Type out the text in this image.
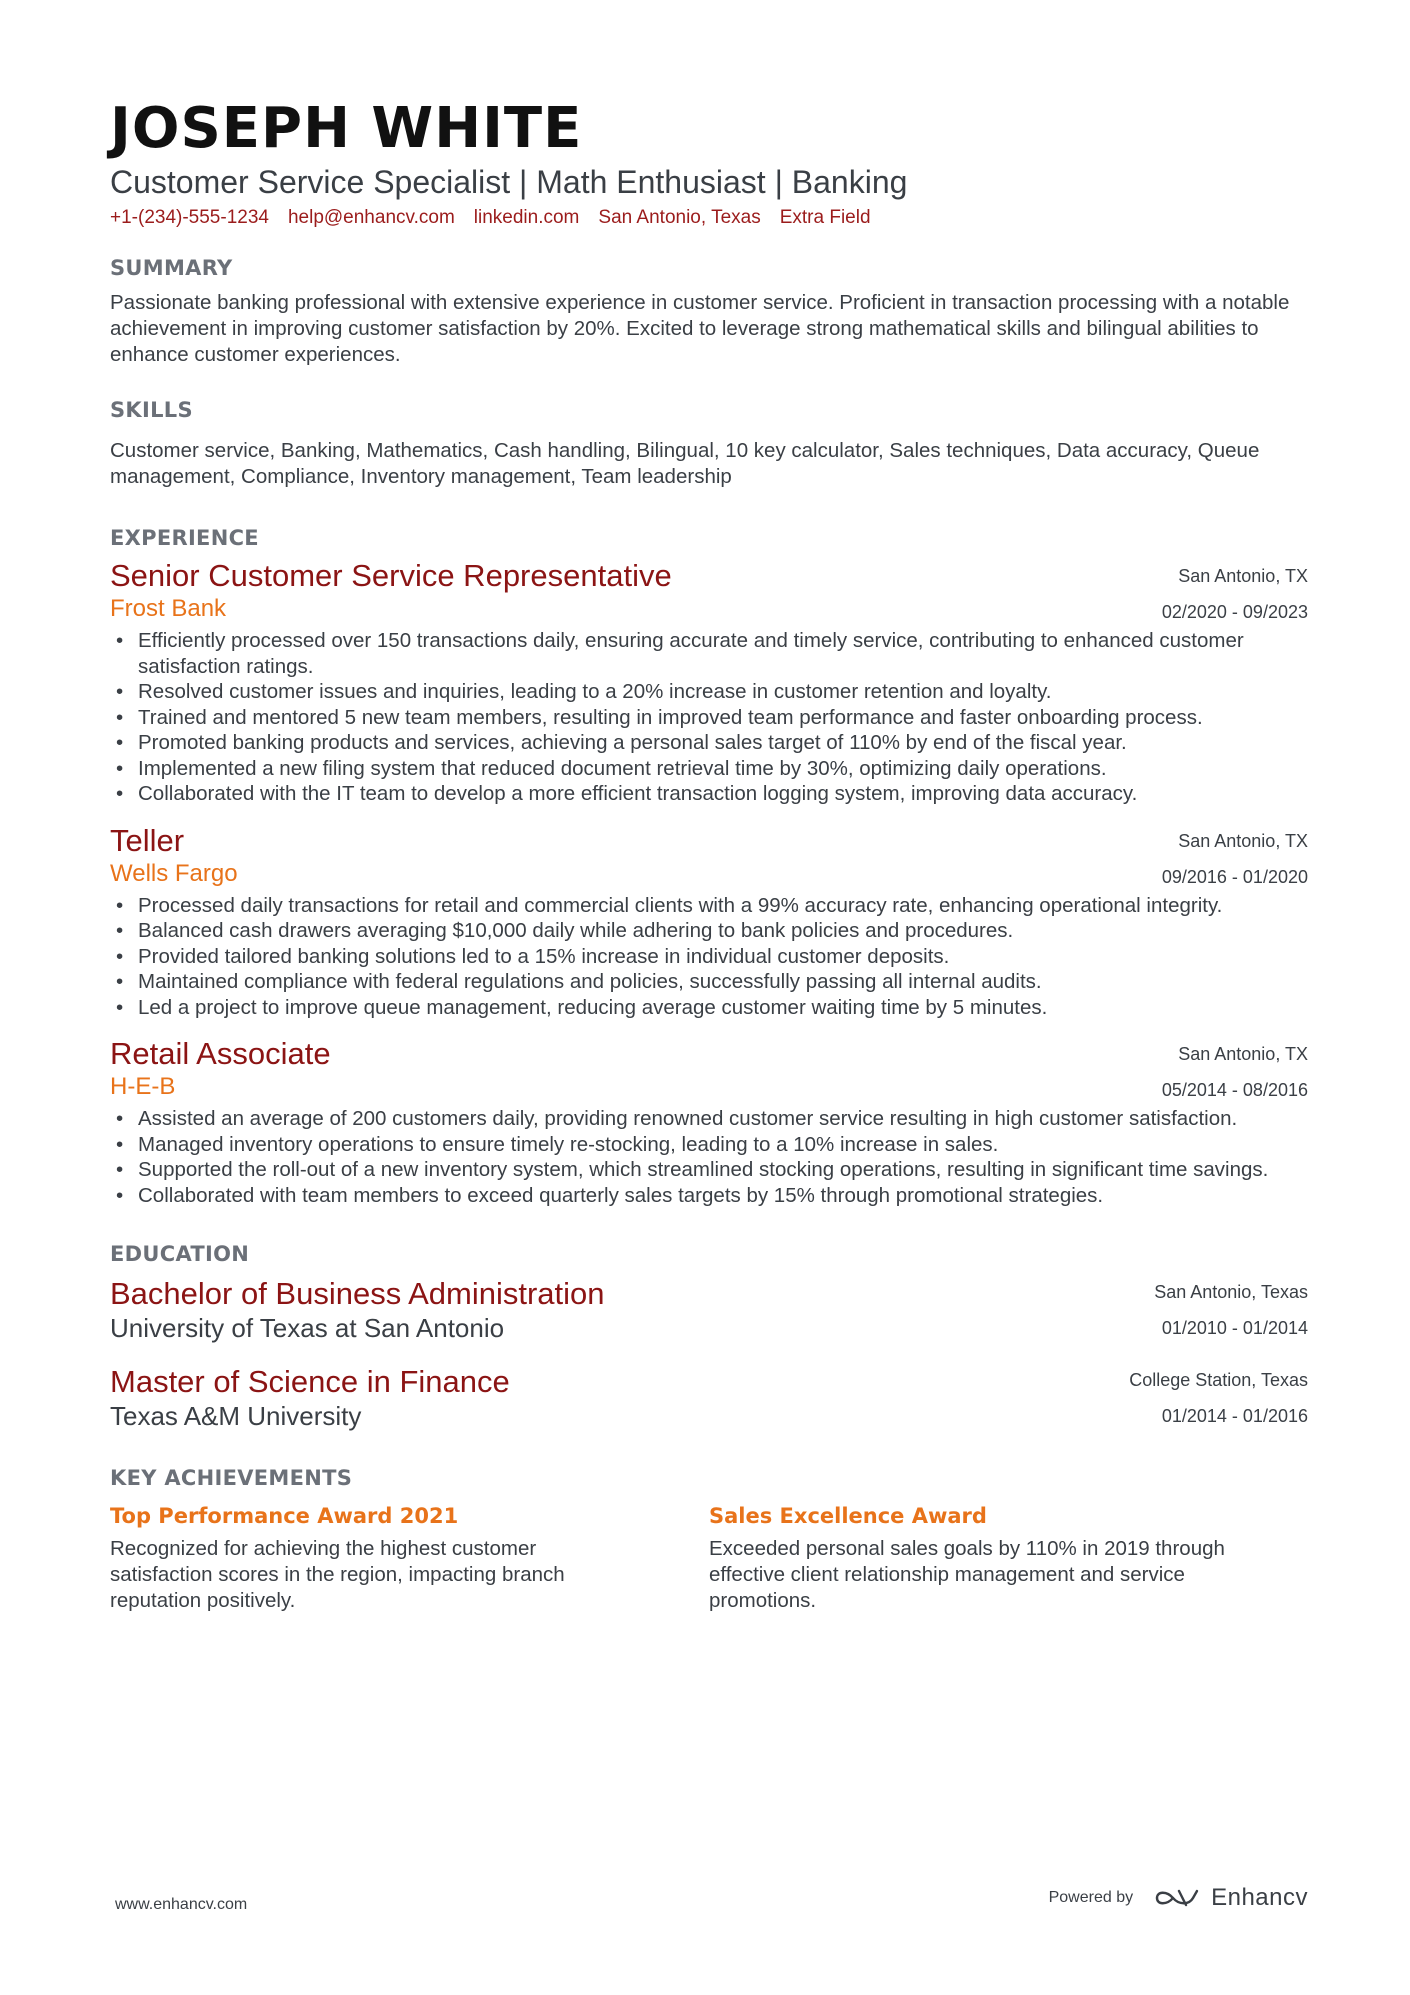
JOSEPH WHITE
Customer Service Specialist | Math Enthusiast | Banking
+1-(234)-555-1234 help@enhancv.com linkedin.com San Antonio, Texas Extra Field
SUMMARY

Passionate banking professional with extensive experience in customer service. Proficient in transaction processing with a notable achievement in improving customer satisfaction by 20%. Excited to leverage strong mathematical skills and bilingual abilities to enhance customer experiences.

SKILLS

Customer service, Banking, Mathematics, Cash handling, Bilingual, 10 key calculator, Sales techniques, Data accuracy, Queue management, Compliance, Inventory management, Team leadership

EXPERIENCE
San Antonio, TX
02/2020 - 09/2023
Senior Customer Service Representative
Frost Bank
• Efficiently processed over 150 transactions daily, ensuring accurate and timely service, contributing to enhanced customer satisfaction ratings.
• Resolved customer issues and inquiries, leading to a 20% increase in customer retention and loyalty.
• Trained and mentored 5 new team members, resulting in improved team performance and faster onboarding process.
• Promoted banking products and services, achieving a personal sales target of 110% by end of the fiscal year.
• Implemented a new filing system that reduced document retrieval time by 30%, optimizing daily operations.
• Collaborated with the IT team to develop a more efficient transaction logging system, improving data accuracy.
San Antonio, TX
09/2016 - 01/2020
Teller
Wells Fargo
• Processed daily transactions for retail and commercial clients with a 99% accuracy rate, enhancing operational integrity.
• Balanced cash drawers averaging $10,000 daily while adhering to bank policies and procedures.
• Provided tailored banking solutions led to a 15% increase in individual customer deposits.
• Maintained compliance with federal regulations and policies, successfully passing all internal audits.
• Led a project to improve queue management, reducing average customer waiting time by 5 minutes.
San Antonio, TX
05/2014 - 08/2016
Retail Associate
H-E-B
• Assisted an average of 200 customers daily, providing renowned customer service resulting in high customer satisfaction.
• Managed inventory operations to ensure timely re-stocking, leading to a 10% increase in sales.
• Supported the roll-out of a new inventory system, which streamlined stocking operations, resulting in significant time savings.
• Collaborated with team members to exceed quarterly sales targets by 15% through promotional strategies.
EDUCATION
San Antonio, Texas
01/2010 - 01/2014
Bachelor of Business Administration
University of Texas at San Antonio
College Station, Texas
01/2014 - 01/2016
Master of Science in Finance
Texas A&M University
KEY ACHIEVEMENTS
Top Performance Award 2021

Recognized for achieving the highest customer satisfaction scores in the region, impacting branch reputation positively.

Sales Excellence Award

Exceeded personal sales goals by 110% in 2019 through effective client relationship management and service promotions.

www.enhancv.com	Powered by	Enhancv
